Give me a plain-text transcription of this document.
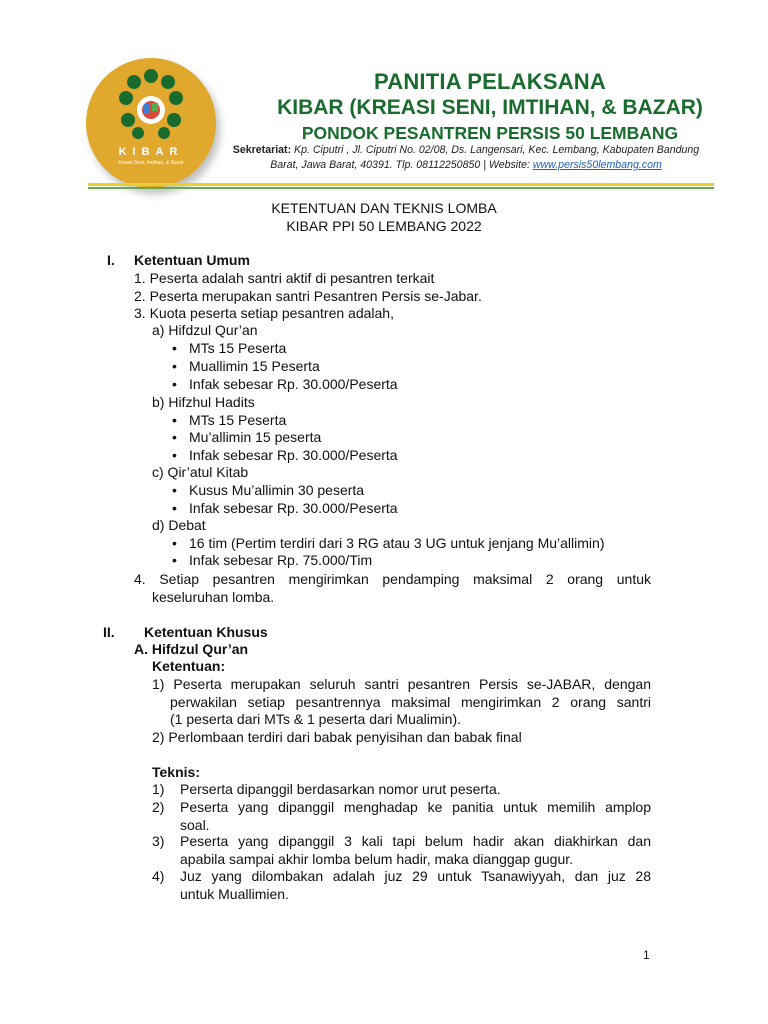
KIBAR
Kreasi Seni, Imtihan, & Bazar
PANITIA PELAKSANA
KIBAR (KREASI SENI, IMTIHAN, & BAZAR)
PONDOK PESANTREN PERSIS 50 LEMBANG
Sekretariat: Kp. Ciputri , Jl. Ciputri No. 02/08, Ds. Langensari, Kec. Lembang, Kabupaten Bandung
Barat, Jawa Barat, 40391. Tlp. 08112250850 | Website: www.persis50lembang.com
KETENTUAN DAN TEKNIS LOMBA
KIBAR PPI 50 LEMBANG 2022
I. Ketentuan Umum
1. Peserta adalah santri aktif di pesantren terkait
2. Peserta merupakan santri Pesantren Persis se-Jabar.
3. Kuota peserta setiap pesantren adalah,
a) Hifdzul Qur’an
• MTs 15 Peserta
• Muallimin 15 Peserta
• Infak sebesar Rp. 30.000/Peserta
b) Hifzhul Hadits
• MTs 15 Peserta
• Mu’allimin 15 peserta
• Infak sebesar Rp. 30.000/Peserta
c) Qir’atul Kitab
• Kusus Mu’allimin 30 peserta
• Infak sebesar Rp. 30.000/Peserta
d) Debat
• 16 tim (Pertim terdiri dari 3 RG atau 3 UG untuk jenjang Mu’allimin)
• Infak sebesar Rp. 75.000/Tim
4. Setiap pesantren mengirimkan pendamping maksimal 2 orang untuk
keseluruhan lomba.
II. Ketentuan Khusus
A. Hifdzul Qur’an
Ketentuan:
1) Peserta merupakan seluruh santri pesantren Persis se-JABAR, dengan
perwakilan setiap pesantrennya maksimal mengirimkan 2 orang santri
(1 peserta dari MTs & 1 peserta dari Mualimin).
2) Perlombaan terdiri dari babak penyisihan dan babak final
Teknis:
1) Perserta dipanggil berdasarkan nomor urut peserta.
2) Peserta yang dipanggil menghadap ke panitia untuk memilih amplop
soal.
3) Peserta yang dipanggil 3 kali tapi belum hadir akan diakhirkan dan
apabila sampai akhir lomba belum hadir, maka dianggap gugur.
4) Juz yang dilombakan adalah juz 29 untuk Tsanawiyyah, dan juz 28
untuk Muallimien.
1
